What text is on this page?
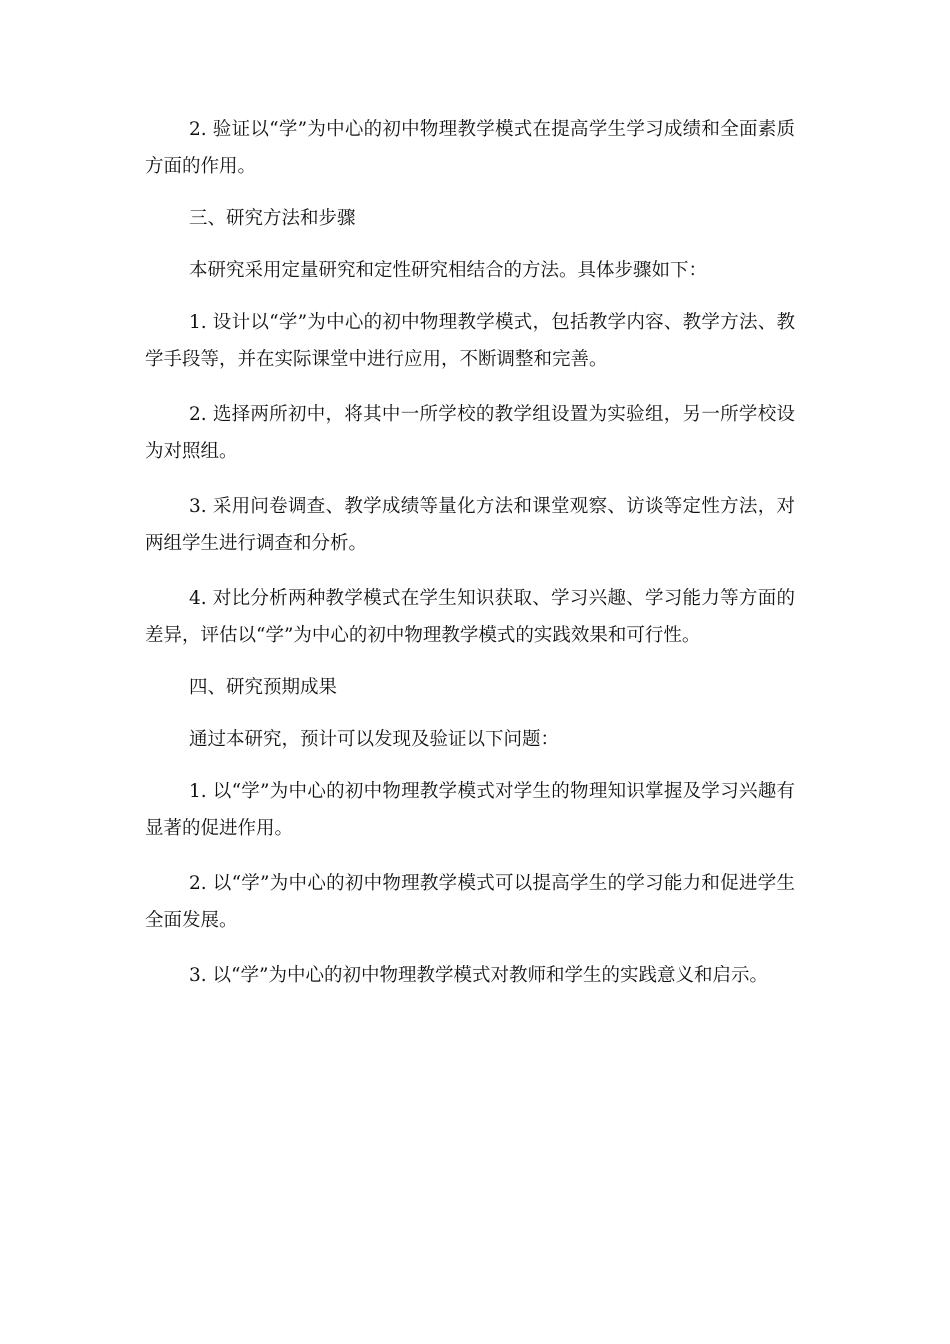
2. 验证以“学”为中心的初中物理教学模式在提高学生学习成绩和全面素质方面的作用。

三、研究方法和步骤

本研究采用定量研究和定性研究相结合的方法。具体步骤如下：

1. 设计以“学”为中心的初中物理教学模式，包括教学内容、教学方法、教学手段等，并在实际课堂中进行应用，不断调整和完善。

2. 选择两所初中，将其中一所学校的教学组设置为实验组，另一所学校设为对照组。

3. 采用问卷调查、教学成绩等量化方法和课堂观察、访谈等定性方法，对两组学生进行调查和分析。

4. 对比分析两种教学模式在学生知识获取、学习兴趣、学习能力等方面的差异，评估以“学”为中心的初中物理教学模式的实践效果和可行性。

四、研究预期成果

通过本研究，预计可以发现及验证以下问题：

1. 以“学”为中心的初中物理教学模式对学生的物理知识掌握及学习兴趣有显著的促进作用。

2. 以“学”为中心的初中物理教学模式可以提高学生的学习能力和促进学生全面发展。

3. 以“学”为中心的初中物理教学模式对教师和学生的实践意义和启示。
